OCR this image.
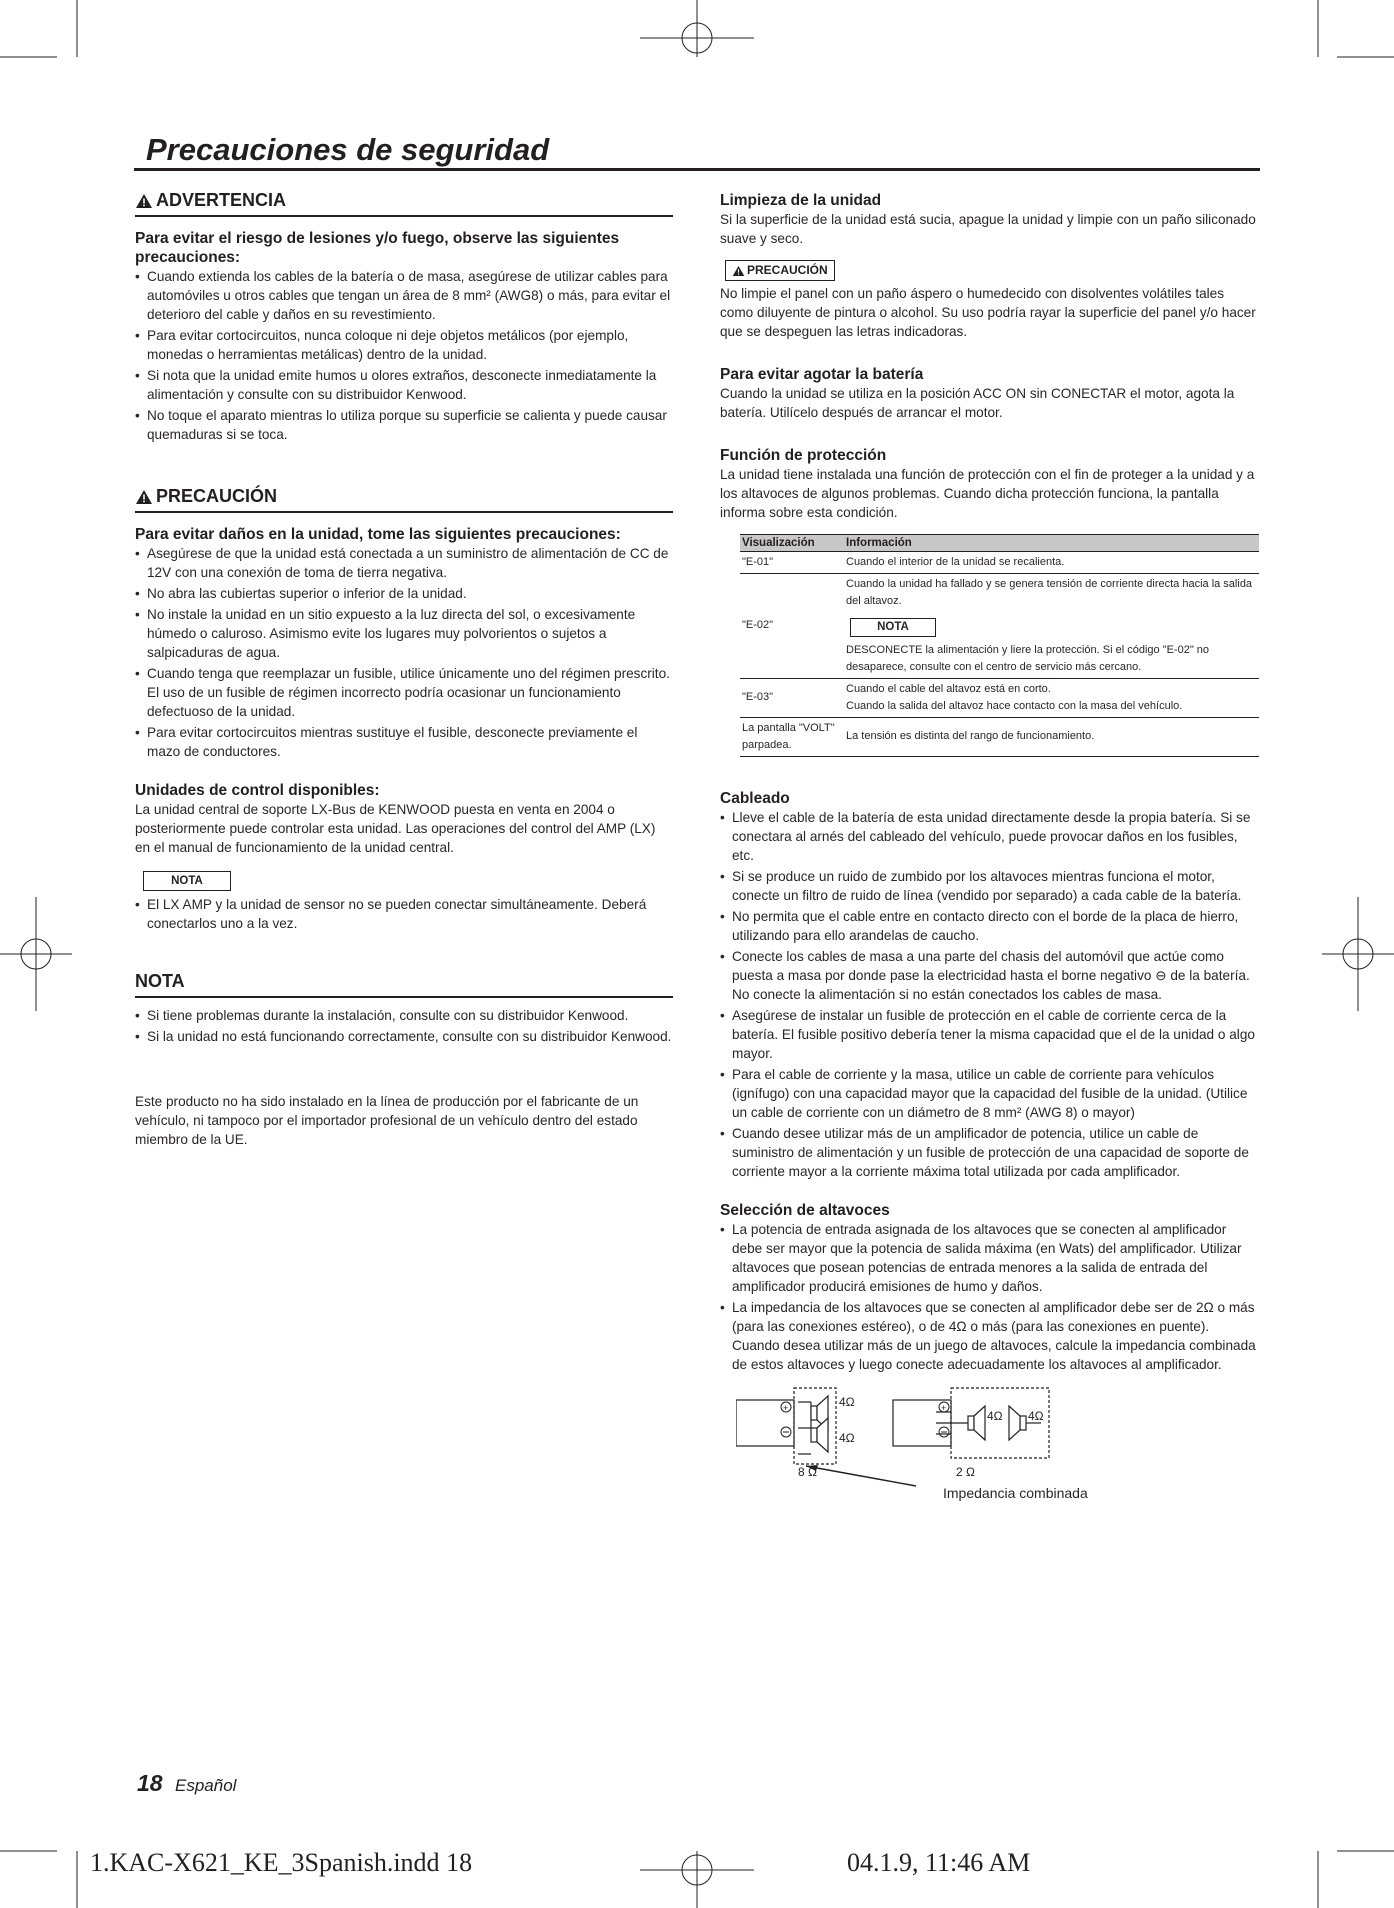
Precauciones de seguridad
ADVERTENCIA

Para evitar el riesgo de lesiones y/o fuego, observe las siguientes precauciones:

• Cuando extienda los cables de la batería o de masa, asegúrese de utilizar cables para automóviles u otros cables que tengan un área de 8 mm² (AWG8) o más, para evitar el deterioro del cable y daños en su revestimiento.
• Para evitar cortocircuitos, nunca coloque ni deje objetos metálicos (por ejemplo, monedas o herramientas metálicas) dentro de la unidad.
• Si nota que la unidad emite humos u olores extraños, desconecte inmediatamente la alimentación y consulte con su distribuidor Kenwood.
• No toque el aparato mientras lo utiliza porque su superficie se calienta y puede causar quemaduras si se toca.
PRECAUCIÓN

Para evitar daños en la unidad, tome las siguientes precauciones:

• Asegúrese de que la unidad está conectada a un suministro de alimentación de CC de 12V con una conexión de toma de tierra negativa.
• No abra las cubiertas superior o inferior de la unidad.
• No instale la unidad en un sitio expuesto a la luz directa del sol, o excesivamente húmedo o caluroso. Asimismo evite los lugares muy polvorientos o sujetos a salpicaduras de agua.
• Cuando tenga que reemplazar un fusible, utilice únicamente uno del régimen prescrito. El uso de un fusible de régimen incorrecto podría ocasionar un funcionamiento defectuoso de la unidad.
• Para evitar cortocircuitos mientras sustituye el fusible, desconecte previamente el mazo de conductores.

Unidades de control disponibles:

La unidad central de soporte LX-Bus de KENWOOD puesta en venta en 2004 o posteriormente puede controlar esta unidad. Las operaciones del control del AMP (LX) en el manual de funcionamiento de la unidad central.

NOTA
• El LX AMP y la unidad de sensor no se pueden conectar simultáneamente. Deberá conectarlos uno a la vez.
NOTA
• Si tiene problemas durante la instalación, consulte con su distribuidor Kenwood.
• Si la unidad no está funcionando correctamente, consulte con su distribuidor Kenwood.

Este producto no ha sido instalado en la línea de producción por el fabricante de un vehículo, ni tampoco por el importador profesional de un vehículo dentro del estado miembro de la UE.

Limpieza de la unidad

Si la superficie de la unidad está sucia, apague la unidad y limpie con un paño siliconado suave y seco.

PRECAUCIÓN

No limpie el panel con un paño áspero o humedecido con disolventes volátiles tales como diluyente de pintura o alcohol. Su uso podría rayar la superficie del panel y/o hacer que se despeguen las letras indicadoras.

Para evitar agotar la batería

Cuando la unidad se utiliza en la posición ACC ON sin CONECTAR el motor, agota la batería. Utilícelo después de arrancar el motor.

Función de protección

La unidad tiene instalada una función de protección con el fin de proteger a la unidad y a los altavoces de algunos problemas. Cuando dicha protección funciona, la pantalla informa sobre esta condición.

Visualización	Información
"E-01"	Cuando el interior de la unidad se recalienta.
"E-02"	Cuando la unidad ha fallado y se genera tensión de corriente directa hacia la salida del altavoz.
NOTA
DESCONECTE la alimentación y liere la protección. Si el código "E-02" no desaparece, consulte con el centro de servicio más cercano.

"E-03"	Cuando el cable del altavoz está en corto.
Cuando la salida del altavoz hace contacto con la masa del vehículo.

La pantalla "VOLT" parpadea.	La tensión es distinta del rango de funcionamiento.

Cableado

• Lleve el cable de la batería de esta unidad directamente desde la propia batería. Si se conectara al arnés del cableado del vehículo, puede provocar daños en los fusibles, etc.
• Si se produce un ruido de zumbido por los altavoces mientras funciona el motor, conecte un filtro de ruido de línea (vendido por separado) a cada cable de la batería.
• No permita que el cable entre en contacto directo con el borde de la placa de hierro, utilizando para ello arandelas de caucho.
• Conecte los cables de masa a una parte del chasis del automóvil que actúe como puesta a masa por donde pase la electricidad hasta el borne negativo ⊖ de la batería. No conecte la alimentación si no están conectados los cables de masa.
• Asegúrese de instalar un fusible de protección en el cable de corriente cerca de la batería. El fusible positivo debería tener la misma capacidad que el de la unidad o algo mayor.
• Para el cable de corriente y la masa, utilice un cable de corriente para vehículos (ignífugo) con una capacidad mayor que la capacidad del fusible de la unidad. (Utilice un cable de corriente con un diámetro de 8 mm² (AWG 8) o mayor)
• Cuando desee utilizar más de un amplificador de potencia, utilice un cable de suministro de alimentación y un fusible de protección de una capacidad de soporte de corriente mayor a la corriente máxima total utilizada por cada amplificador.

Selección de altavoces

• La potencia de entrada asignada de los altavoces que se conecten al amplificador debe ser mayor que la potencia de salida máxima (en Wats) del amplificador. Utilizar altavoces que posean potencias de entrada menores a la salida de entrada del amplificador producirá emisiones de humo y daños.
• La impedancia de los altavoces que se conecten al amplificador debe ser de 2Ω o más (para las conexiones estéreo), o de 4Ω o más (para las conexiones en puente). Cuando desea utilizar más de un juego de altavoces, calcule la impedancia combinada de estos altavoces y luego conecte adecuadamente los altavoces al amplificador.
+	+
4Ω
4Ω
8 Ω
4Ω 4Ω
2 Ω
Impedancia combinada
18 Español
1.KAC-X621_KE_3Spanish.indd 18	04.1.9, 11:46 AM
